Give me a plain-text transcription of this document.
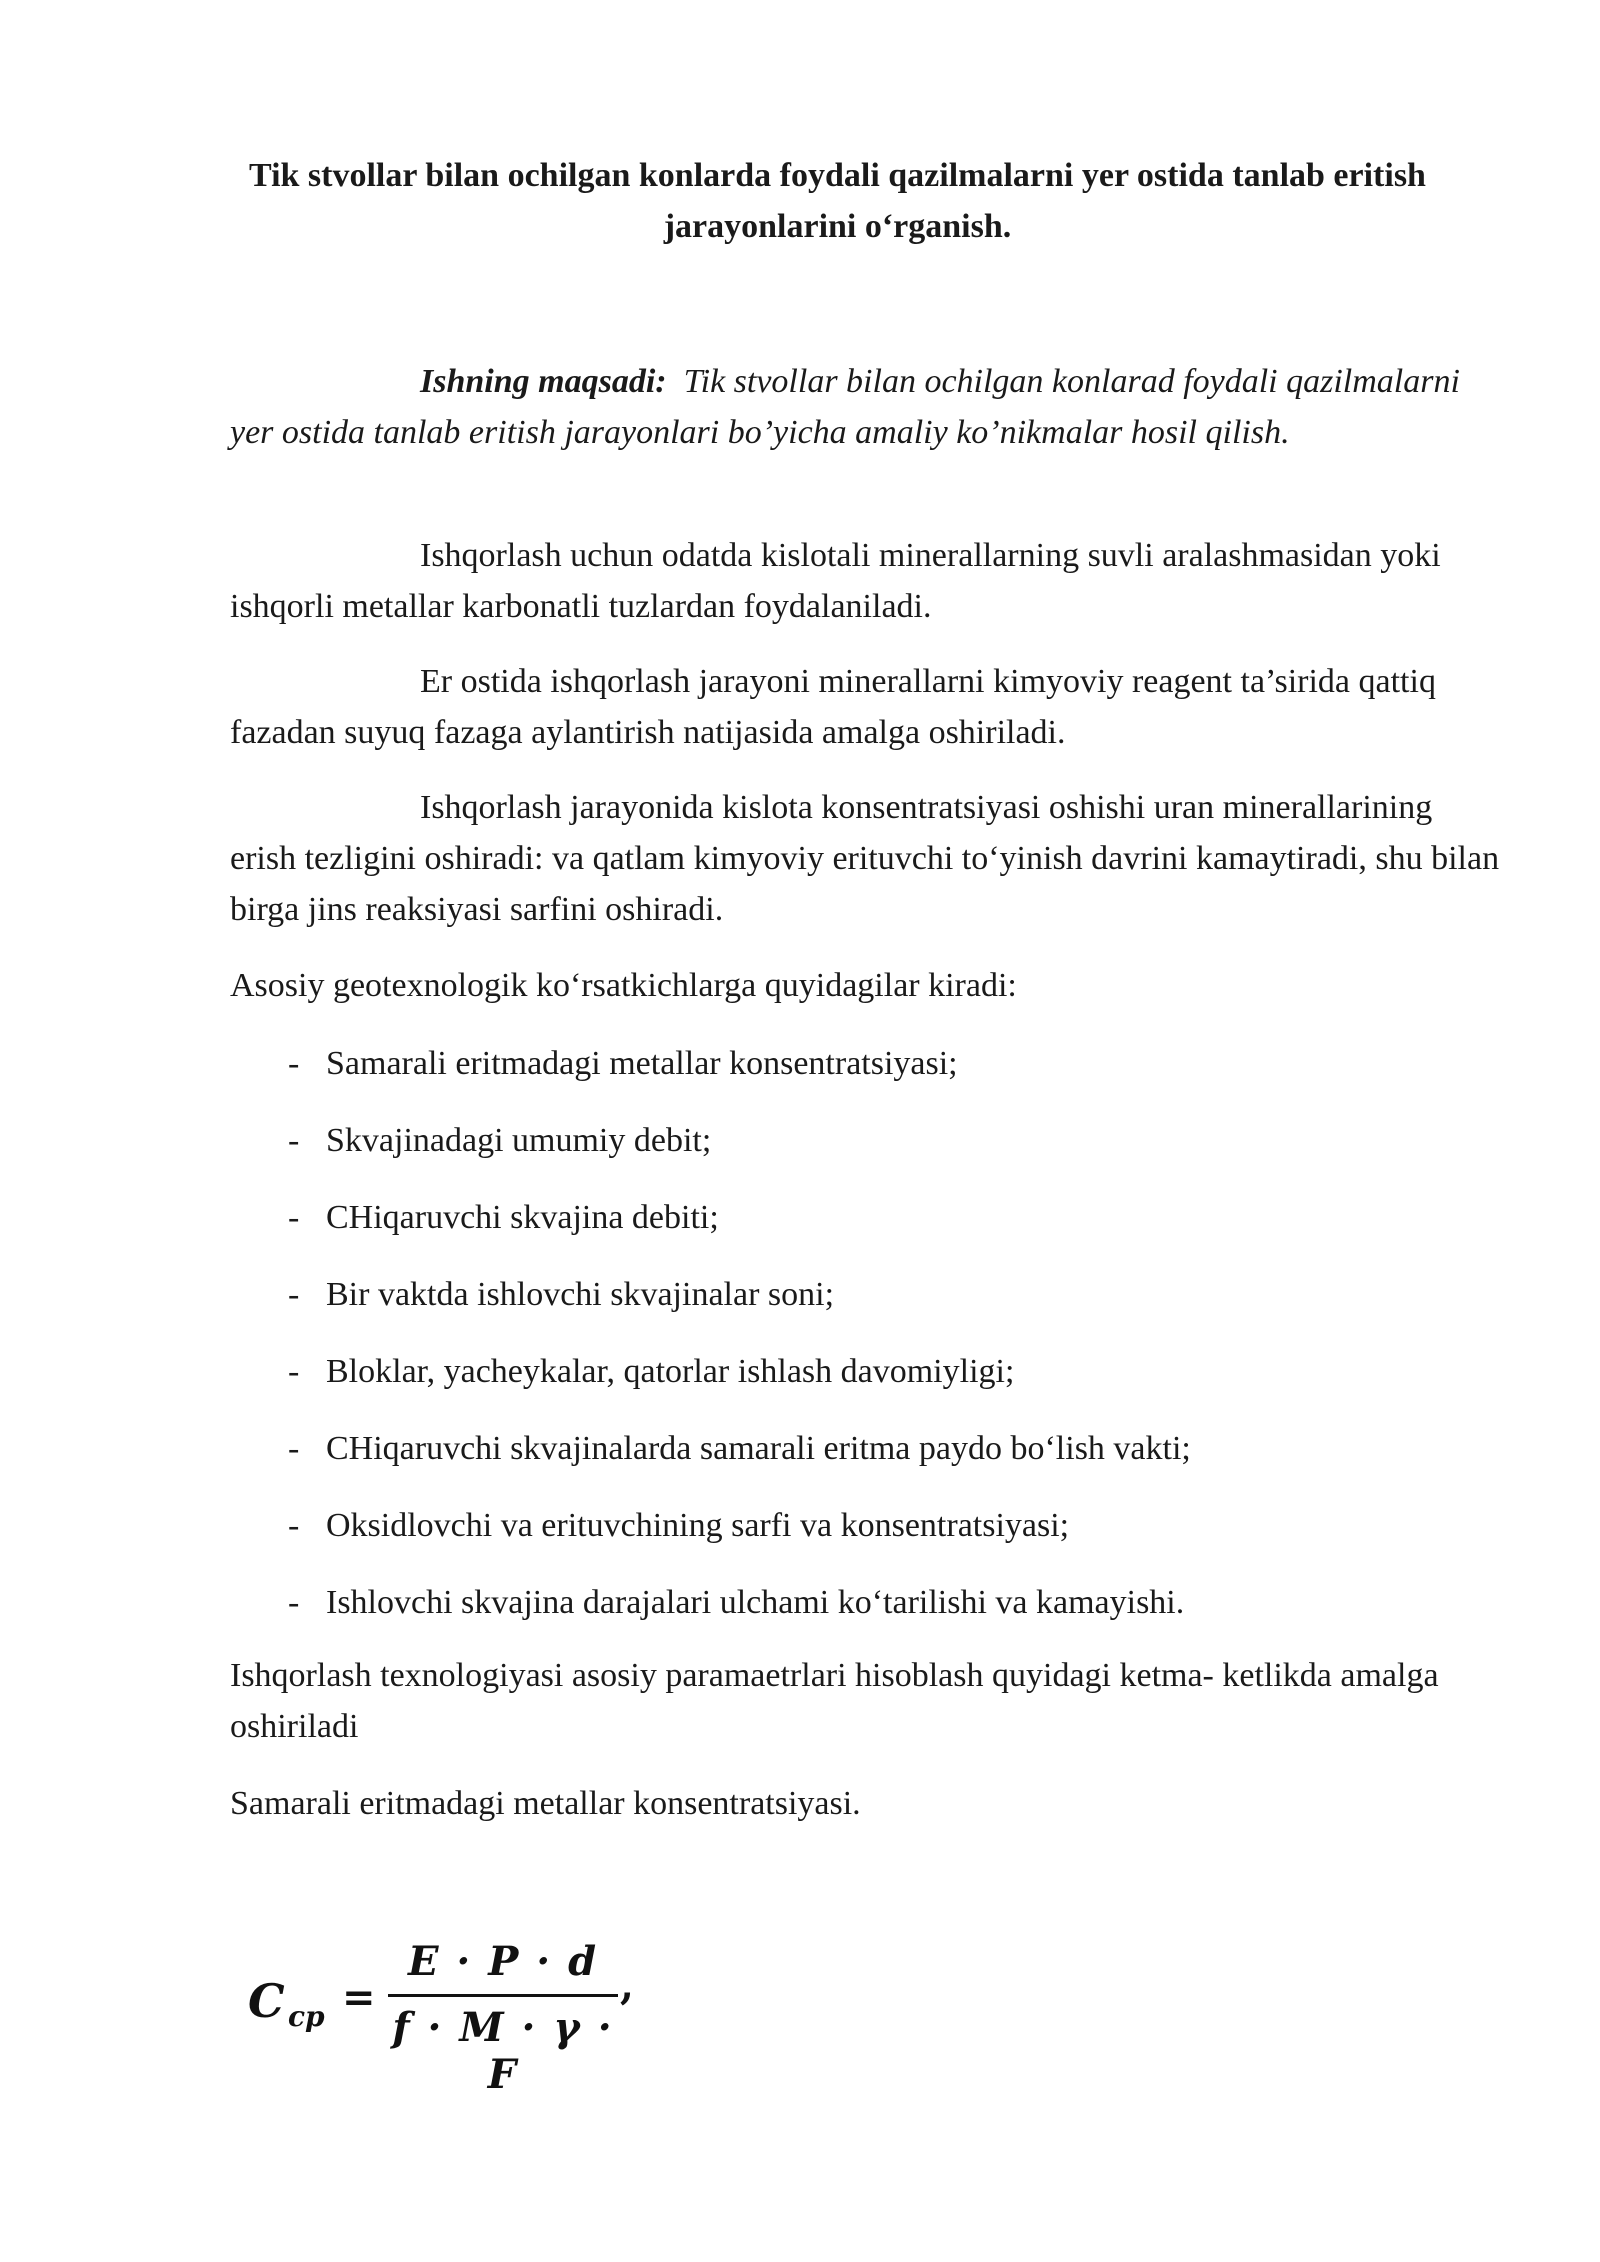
Tik stvollar bilan ochilgan konlarda foydali qazilmalarni yer ostida tanlab eritish jarayonlarini o‘rganish.

Ishning maqsadi: Tik stvollar bilan ochilgan konlarad foydali qazilmalarni yer ostida tanlab eritish jarayonlari bo’yicha amaliy ko’nikmalar hosil qilish.

Ishqorlash uchun odatda kislotali minerallarning suvli aralashmasidan yoki ishqorli metallar karbonatli tuzlardan foydalaniladi.

Er ostida ishqorlash jarayoni minerallarni kimyoviy reagent ta’sirida qattiq fazadan suyuq fazaga aylantirish natijasida amalga oshiriladi.

Ishqorlash jarayonida kislota konsentratsiyasi oshishi uran minerallarining erish tezligini oshiradi: va qatlam kimyoviy erituvchi to‘yinish davrini kamaytiradi, shu bilan birga jins reaksiyasi sarfini oshiradi.

Asosiy geotexnologik ko‘rsatkichlarga quyidagilar kiradi:

- Samarali eritmadagi metallar konsentratsiyasi;
- Skvajinadagi umumiy debit;
- CHiqaruvchi skvajina debiti;
- Bir vaktda ishlovchi skvajinalar soni;
- Bloklar, yacheykalar, qatorlar ishlash davomiyligi;
- CHiqaruvchi skvajinalarda samarali eritma paydo bo‘lish vakti;
- Oksidlovchi va erituvchining sarfi va konsentratsiyasi;
- Ishlovchi skvajina darajalari ulchami ko‘tarilishi va kamayishi.

Ishqorlash texnologiyasi asosiy paramaetrlari hisoblash quyidagi ketma- ketlikda amalga oshiriladi

Samarali eritmadagi metallar konsentratsiyasi.

C cp =
E · P · d
f · M · γ · F
,
